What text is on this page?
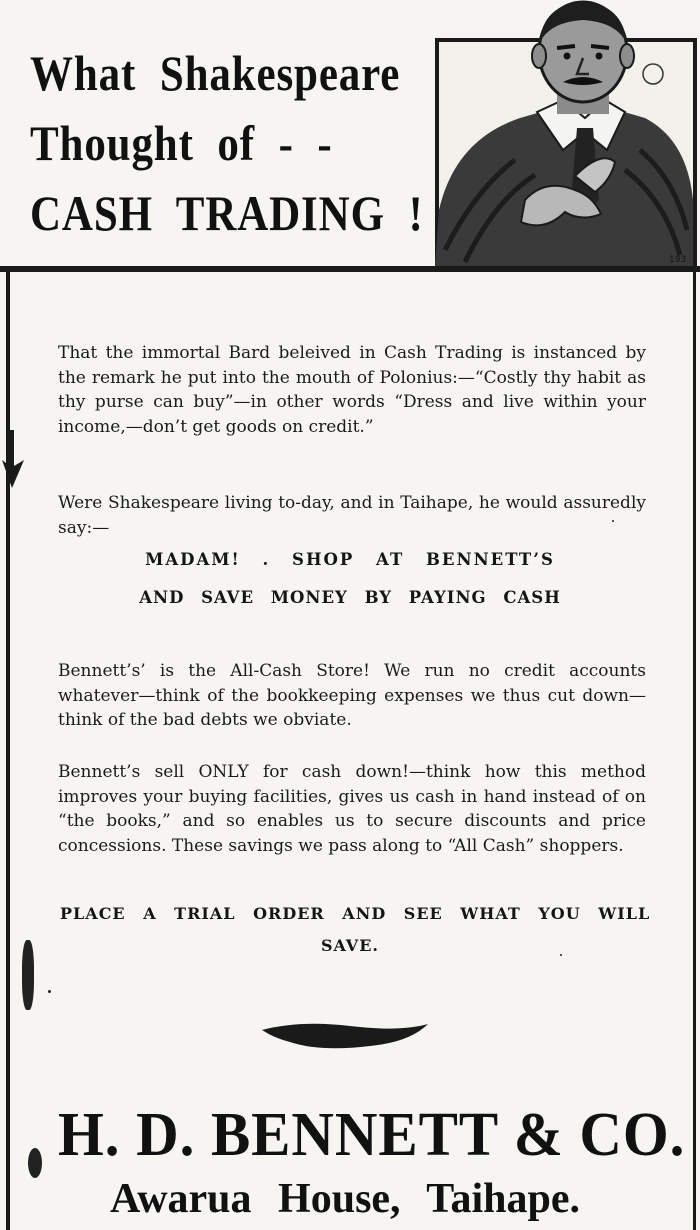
What Shakespeare
Thought of - -
CASH TRADING !
193

That the immortal Bard beleived in Cash Trading is instanced by the remark he put into the mouth of Polonius:—“Costly thy habit as thy purse can buy”—in other words “Dress and live within your income,—don’t get goods on credit.”

Were Shakespeare living to-day, and in Taihape, he would assuredly say:—

MADAM! . SHOP AT BENNETT’S
AND SAVE MONEY BY PAYING CASH

Bennett’s’ is the All-Cash Store! We run no credit accounts whatever—think of the bookkeeping expenses we thus cut down—think of the bad debts we obviate.

Bennett’s sell ONLY for cash down!—think how this method improves your buying facilities, gives us cash in hand instead of on “the books,” and so enables us to secure discounts and price concessions. These savings we pass along to “All Cash” shoppers.

PLACE A TRIAL ORDER AND SEE WHAT YOU WILL
SAVE.
H. D. BENNETT & CO.
Awarua House, Taihape.
